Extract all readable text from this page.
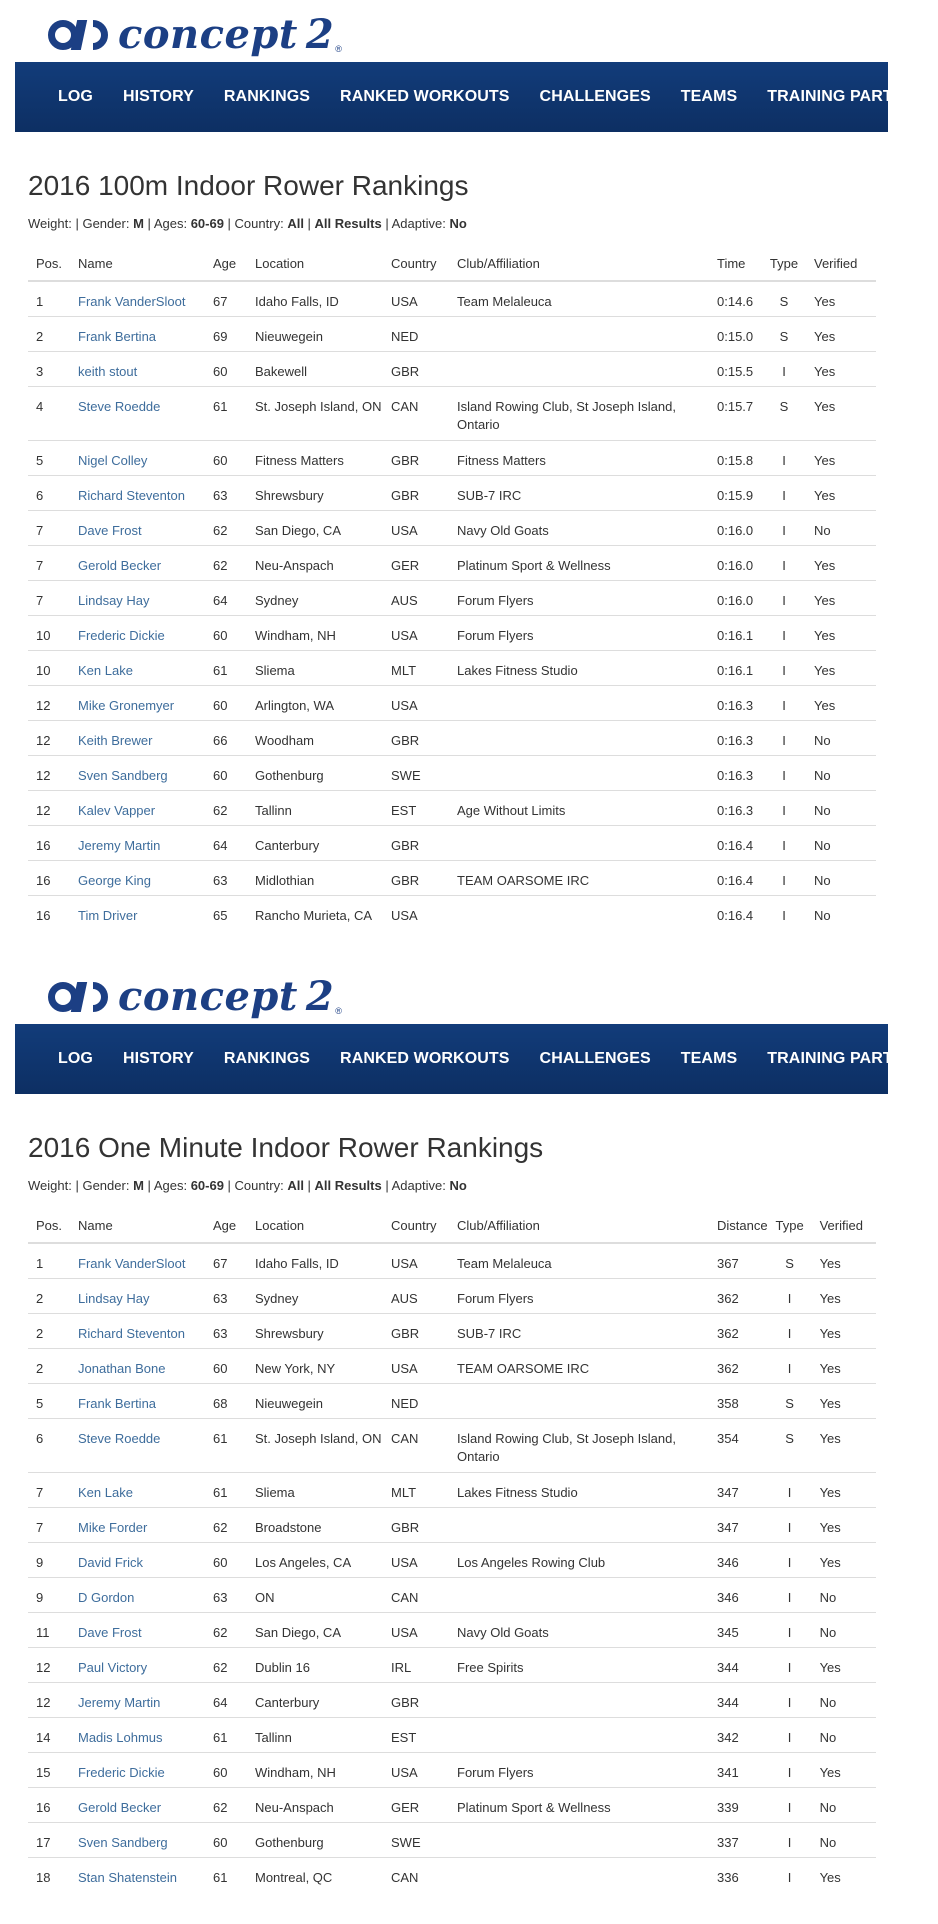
concept 2 ®
LOG HISTORY RANKINGS RANKED WORKOUTS CHALLENGES TEAMS TRAINING PARTNERS
2016 100m Indoor Rower Rankings
Weight: | Gender: M | Ages: 60-69 | Country: All | All Results | Adaptive: No
Pos.	Name	Age	Location	Country	Club/Affiliation	Time	Type	Verified
1	Frank VanderSloot	67	Idaho Falls, ID	USA	Team Melaleuca	0:14.6	S	Yes
2	Frank Bertina	69	Nieuwegein	NED		0:15.0	S	Yes
3	keith stout	60	Bakewell	GBR		0:15.5	I	Yes
4	Steve Roedde	61	St. Joseph Island, ON	CAN	Island Rowing Club, St Joseph Island, Ontario	0:15.7	S	Yes
5	Nigel Colley	60	Fitness Matters	GBR	Fitness Matters	0:15.8	I	Yes
6	Richard Steventon	63	Shrewsbury	GBR	SUB-7 IRC	0:15.9	I	Yes
7	Dave Frost	62	San Diego, CA	USA	Navy Old Goats	0:16.0	I	No
7	Gerold Becker	62	Neu-Anspach	GER	Platinum Sport & Wellness	0:16.0	I	Yes
7	Lindsay Hay	64	Sydney	AUS	Forum Flyers	0:16.0	I	Yes
10	Frederic Dickie	60	Windham, NH	USA	Forum Flyers	0:16.1	I	Yes
10	Ken Lake	61	Sliema	MLT	Lakes Fitness Studio	0:16.1	I	Yes
12	Mike Gronemyer	60	Arlington, WA	USA		0:16.3	I	Yes
12	Keith Brewer	66	Woodham	GBR		0:16.3	I	No
12	Sven Sandberg	60	Gothenburg	SWE		0:16.3	I	No
12	Kalev Vapper	62	Tallinn	EST	Age Without Limits	0:16.3	I	No
16	Jeremy Martin	64	Canterbury	GBR		0:16.4	I	No
16	George King	63	Midlothian	GBR	TEAM OARSOME IRC	0:16.4	I	No
16	Tim Driver	65	Rancho Murieta, CA	USA		0:16.4	I	No
concept 2 ®
LOG HISTORY RANKINGS RANKED WORKOUTS CHALLENGES TEAMS TRAINING PARTNERS
2016 One Minute Indoor Rower Rankings
Weight: | Gender: M | Ages: 60-69 | Country: All | All Results | Adaptive: No
Pos.	Name	Age	Location	Country	Club/Affiliation	Distance	Type	Verified
1	Frank VanderSloot	67	Idaho Falls, ID	USA	Team Melaleuca	367	S	Yes
2	Lindsay Hay	63	Sydney	AUS	Forum Flyers	362	I	Yes
2	Richard Steventon	63	Shrewsbury	GBR	SUB-7 IRC	362	I	Yes
2	Jonathan Bone	60	New York, NY	USA	TEAM OARSOME IRC	362	I	Yes
5	Frank Bertina	68	Nieuwegein	NED		358	S	Yes
6	Steve Roedde	61	St. Joseph Island, ON	CAN	Island Rowing Club, St Joseph Island, Ontario	354	S	Yes
7	Ken Lake	61	Sliema	MLT	Lakes Fitness Studio	347	I	Yes
7	Mike Forder	62	Broadstone	GBR		347	I	Yes
9	David Frick	60	Los Angeles, CA	USA	Los Angeles Rowing Club	346	I	Yes
9	D Gordon	63	ON	CAN		346	I	No
11	Dave Frost	62	San Diego, CA	USA	Navy Old Goats	345	I	No
12	Paul Victory	62	Dublin 16	IRL	Free Spirits	344	I	Yes
12	Jeremy Martin	64	Canterbury	GBR		344	I	No
14	Madis Lohmus	61	Tallinn	EST		342	I	No
15	Frederic Dickie	60	Windham, NH	USA	Forum Flyers	341	I	Yes
16	Gerold Becker	62	Neu-Anspach	GER	Platinum Sport & Wellness	339	I	No
17	Sven Sandberg	60	Gothenburg	SWE		337	I	No
18	Stan Shatenstein	61	Montreal, QC	CAN		336	I	Yes
